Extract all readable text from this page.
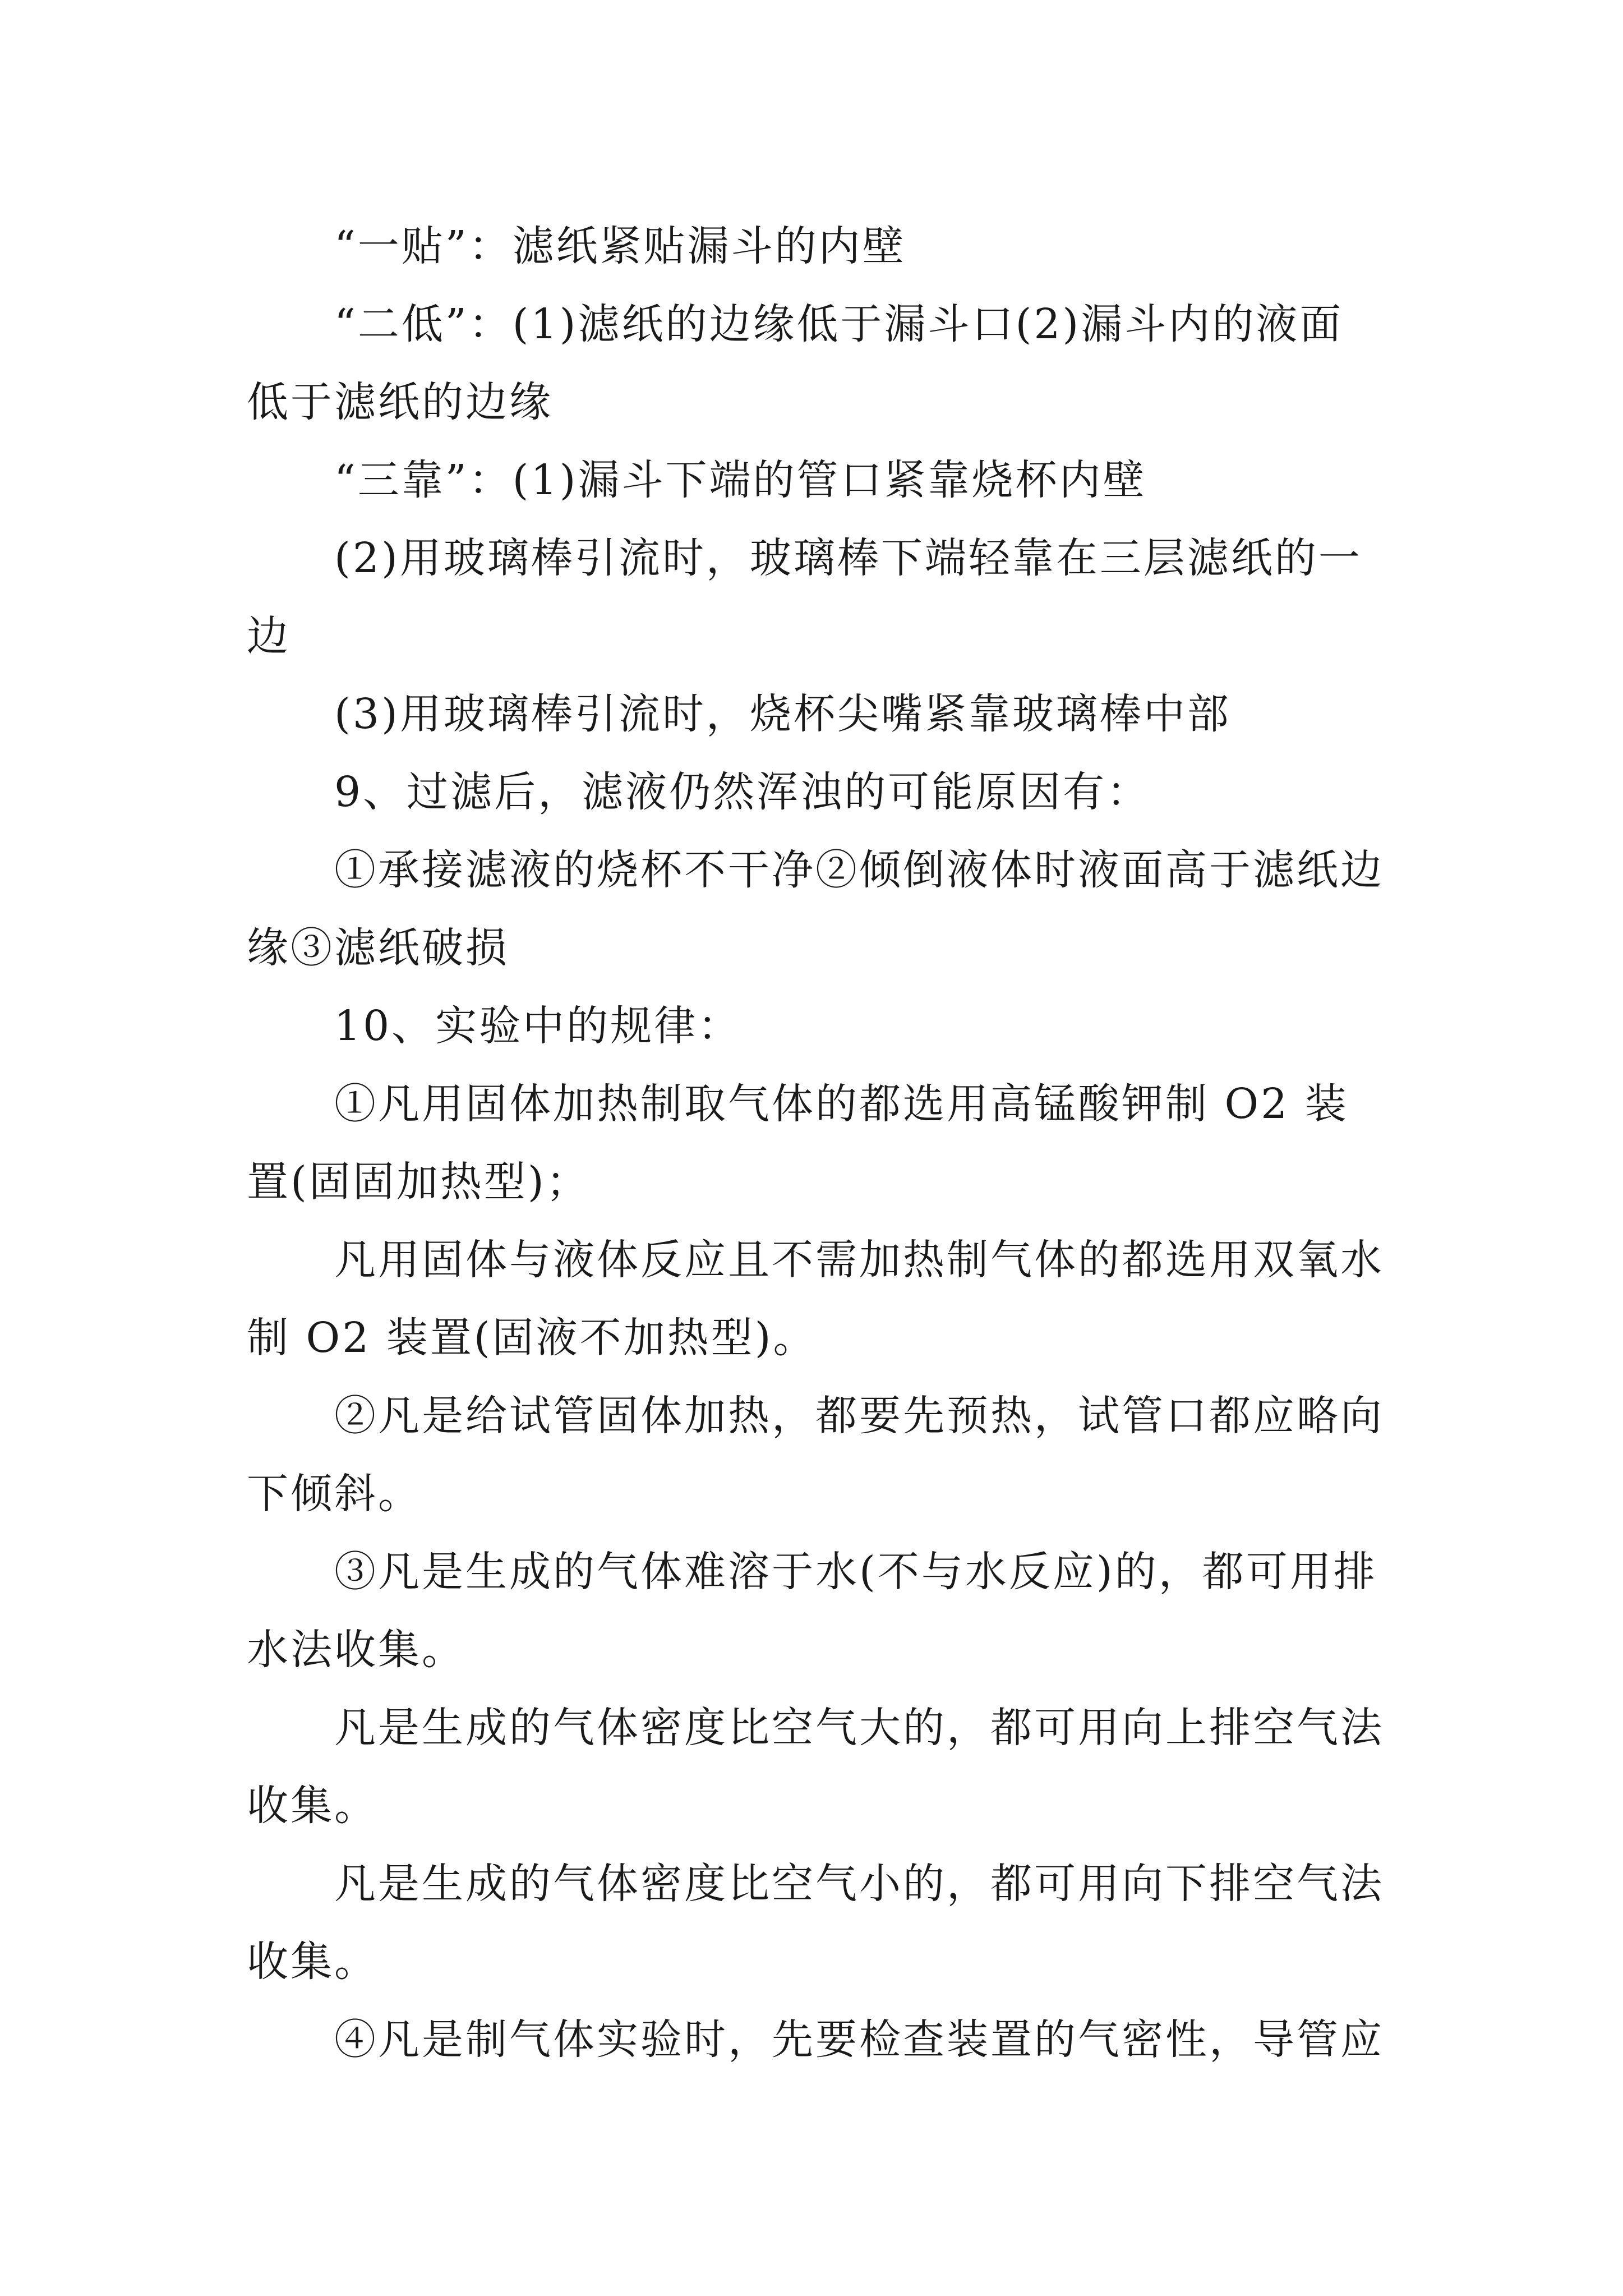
“一贴”：滤纸紧贴漏斗的内壁

“二低”：(1)滤纸的边缘低于漏斗口(2)漏斗内的液面低于滤纸的边缘

“三靠”：(1)漏斗下端的管口紧靠烧杯内壁

(2)用玻璃棒引流时，玻璃棒下端轻靠在三层滤纸的一边

(3)用玻璃棒引流时，烧杯尖嘴紧靠玻璃棒中部

9、过滤后，滤液仍然浑浊的可能原因有：

①承接滤液的烧杯不干净②倾倒液体时液面高于滤纸边缘③滤纸破损

10、实验中的规律：

①凡用固体加热制取气体的都选用高锰酸钾制 O2 装置(固固加热型)；

凡用固体与液体反应且不需加热制气体的都选用双氧水制 O2 装置(固液不加热型)。

②凡是给试管固体加热，都要先预热，试管口都应略向下倾斜。

③凡是生成的气体难溶于水(不与水反应)的，都可用排水法收集。

凡是生成的气体密度比空气大的，都可用向上排空气法收集。

凡是生成的气体密度比空气小的，都可用向下排空气法收集。

④凡是制气体实验时，先要检查装置的气密性，导管应
